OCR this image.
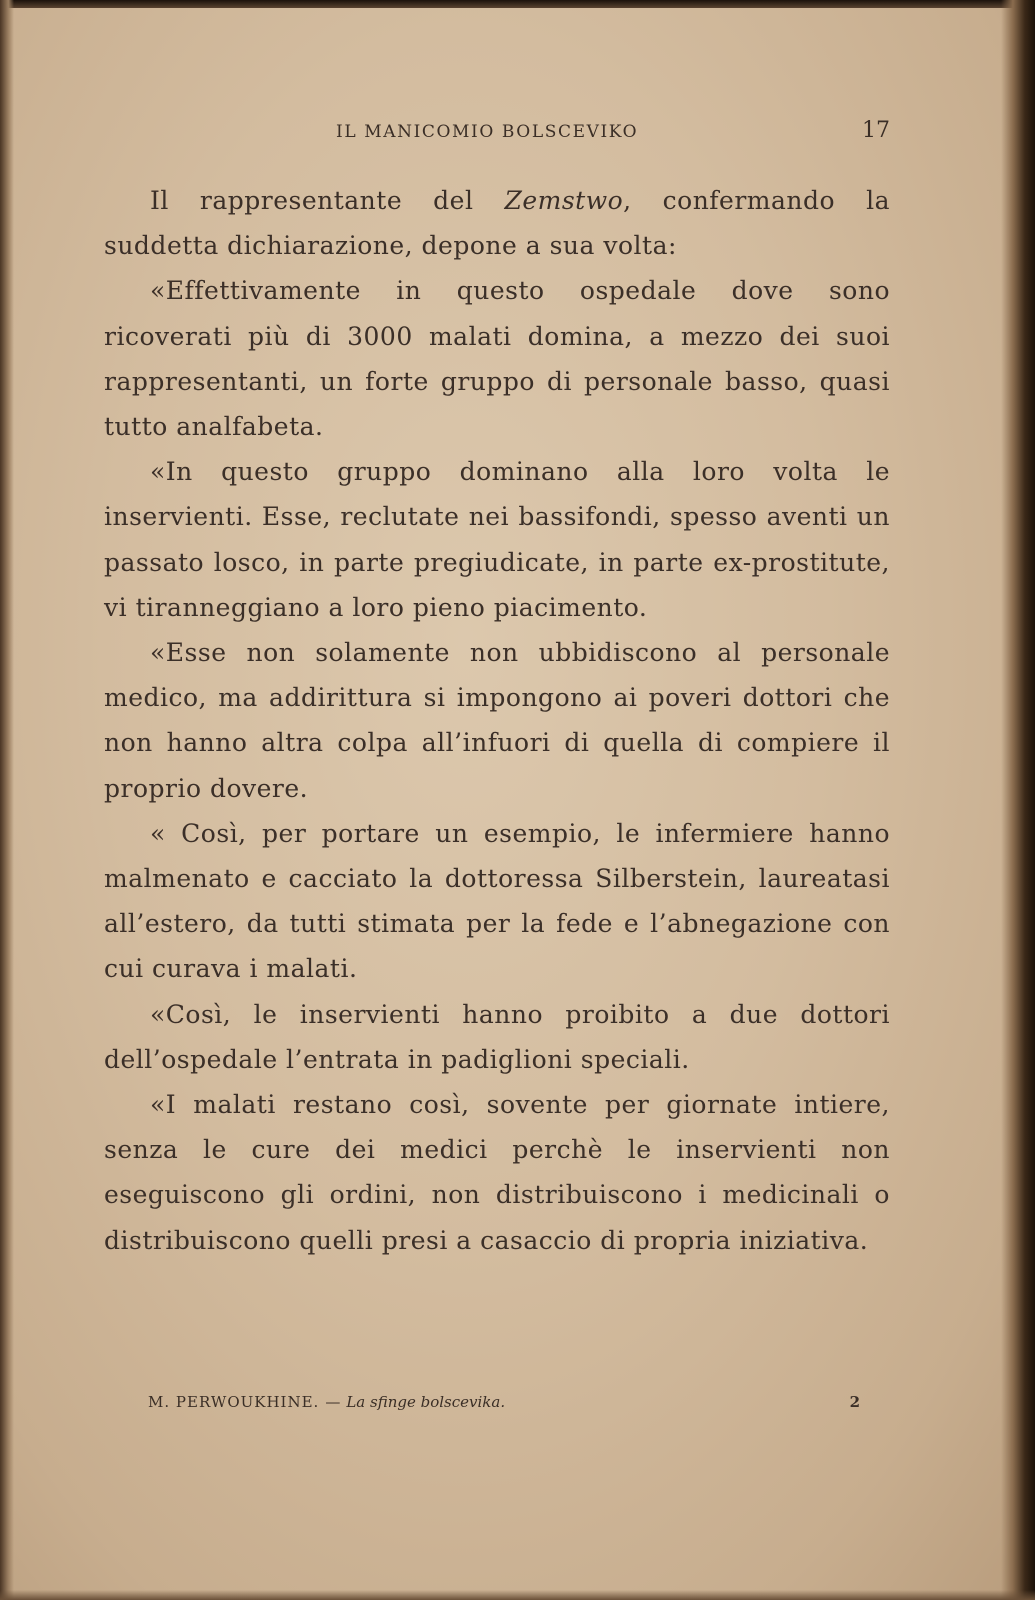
IL MANICOMIO BOLSCEVIKO	17

Il rappresentante del Zemstwo, confermando la suddetta dichiarazione, depone a sua volta:

«Effettivamente in questo ospedale dove sono ricoverati più di 3000 malati domina, a mezzo dei suoi rappresentanti, un forte gruppo di personale basso, quasi tutto analfabeta.

«In questo gruppo dominano alla loro volta le inservienti. Esse, reclutate nei bassifondi, spesso aventi un passato losco, in parte pregiudicate, in parte ex-prostitute, vi tiranneggiano a loro pieno piacimento.

«Esse non solamente non ubbidiscono al personale medico, ma addirittura si impongono ai poveri dottori che non hanno altra colpa all’infuori di quella di compiere il proprio dovere.

« Così, per portare un esempio, le infermiere hanno malmenato e cacciato la dottoressa Silberstein, laureatasi all’estero, da tutti stimata per la fede e l’abnegazione con cui curava i malati.

«Così, le inservienti hanno proibito a due dottori dell’ospedale l’entrata in padiglioni speciali.

«I malati restano così, sovente per giornate intiere, senza le cure dei medici perchè le inservienti non eseguiscono gli ordini, non distribuiscono i medicinali o distribuiscono quelli presi a casaccio di propria iniziativa.

M. PERWOUKHINE. — La sfinge bolscevika.	2
